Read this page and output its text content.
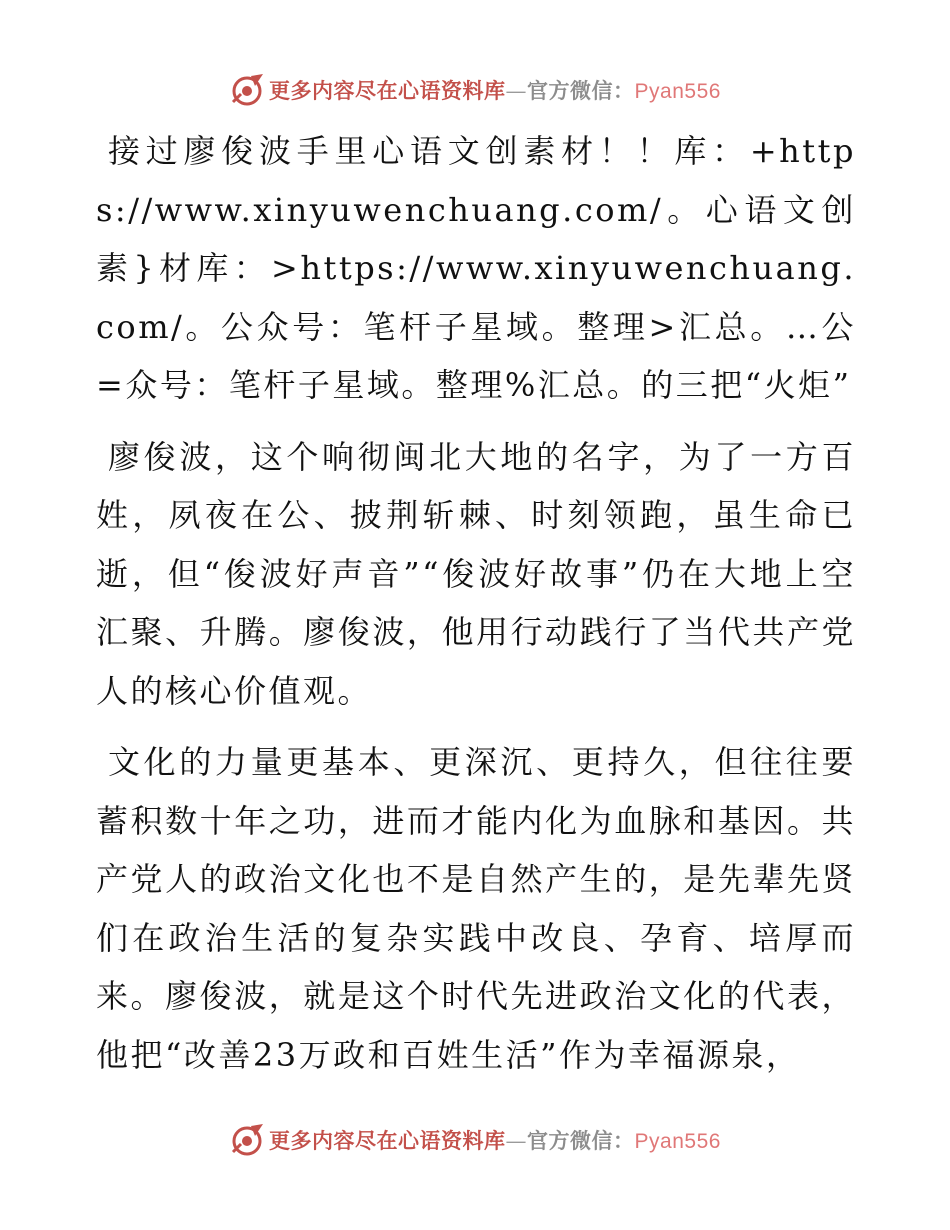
更多内容尽在心语资料库—官方微信：Pyan556

接过廖俊波手里心语文创素材！！库：+https://www.xinyuwenchuang.com/。心语文创素}材库：>https://www.xinyuwenchuang.com/。公众号：笔杆子星域。整理>汇总。…公=众号：笔杆子星域。整理%汇总。的三把“火炬”

廖俊波，这个响彻闽北大地的名字，为了一方百姓，夙夜在公、披荆斩棘、时刻领跑，虽生命已逝，但“俊波好声音”“俊波好故事”仍在大地上空汇聚、升腾。廖俊波，他用行动践行了当代共产党人的核心价值观。

文化的力量更基本、更深沉、更持久，但往往要蓄积数十年之功，进而才能内化为血脉和基因。共产党人的政治文化也不是自然产生的，是先辈先贤们在政治生活的复杂实践中改良、孕育、培厚而来。廖俊波，就是这个时代先进政治文化的代表，他把“改善23万政和百姓生活”作为幸福源泉，

更多内容尽在心语资料库—官方微信：Pyan556
